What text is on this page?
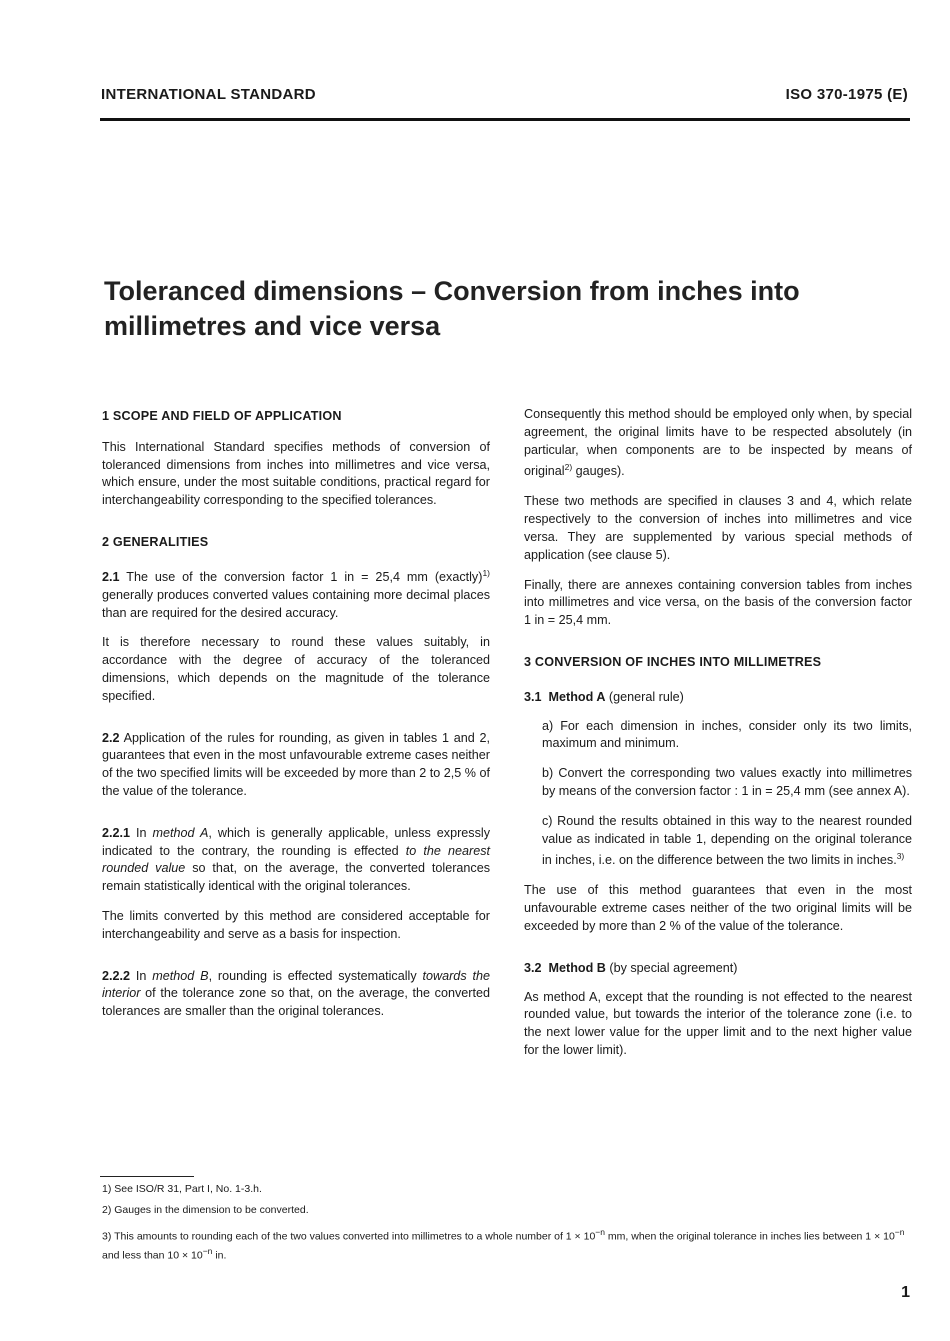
INTERNATIONAL STANDARD	ISO 370-1975 (E)
Toleranced dimensions – Conversion from inches into
millimetres and vice versa
1 SCOPE AND FIELD OF APPLICATION

This International Standard specifies methods of conversion of toleranced dimensions from inches into millimetres and vice versa, which ensure, under the most suitable conditions, practical regard for interchangeability corresponding to the specified tolerances.

2 GENERALITIES

2.1 The use of the conversion factor 1 in = 25,4 mm (exactly)$^{1)}$ generally produces converted values containing more decimal places than are required for the desired accuracy.

It is therefore necessary to round these values suitably, in accordance with the degree of accuracy of the toleranced dimensions, which depends on the magnitude of the tolerance specified.

2.2 Application of the rules for rounding, as given in tables 1 and 2, guarantees that even in the most unfavourable extreme cases neither of the two specified limits will be exceeded by more than 2 to 2,5 % of the value of the tolerance.

2.2.1 In method A, which is generally applicable, unless expressly indicated to the contrary, the rounding is effected to the nearest rounded value so that, on the average, the converted tolerances remain statistically identical with the original tolerances.

The limits converted by this method are considered acceptable for interchangeability and serve as a basis for inspection.

2.2.2 In method B, rounding is effected systematically towards the interior of the tolerance zone so that, on the average, the converted tolerances are smaller than the original tolerances.

Consequently this method should be employed only when, by special agreement, the original limits have to be respected absolutely (in particular, when components are to be inspected by means of original$^{2)}$ gauges).

These two methods are specified in clauses 3 and 4, which relate respectively to the conversion of inches into millimetres and vice versa. They are supplemented by various special methods of application (see clause 5).

Finally, there are annexes containing conversion tables from inches into millimetres and vice versa, on the basis of the conversion factor 1 in = 25,4 mm.

3 CONVERSION OF INCHES INTO MILLIMETRES
3.1 Method A (general rule)

a) For each dimension in inches, consider only its two limits, maximum and minimum.

b) Convert the corresponding two values exactly into millimetres by means of the conversion factor : 1 in = 25,4 mm (see annex A).

c) Round the results obtained in this way to the nearest rounded value as indicated in table 1, depending on the original tolerance in inches, i.e. on the difference between the two limits in inches.$^{3)}$

The use of this method guarantees that even in the most unfavourable extreme cases neither of the two original limits will be exceeded by more than 2 % of the value of the tolerance.

3.2 Method B (by special agreement)

As method A, except that the rounding is not effected to the nearest rounded value, but towards the interior of the tolerance zone (i.e. to the next lower value for the upper limit and to the next higher value for the lower limit).

1) See ISO/R 31, Part I, No. 1-3.h.
2) Gauges in the dimension to be converted.
3) This amounts to rounding each of the two values converted into millimetres to a whole number of $1 \times 10^{-n}$ mm, when the original tolerance in inches lies between $1 \times 10^{-n}$ and less than $10 \times 10^{-n}$ in.
1
